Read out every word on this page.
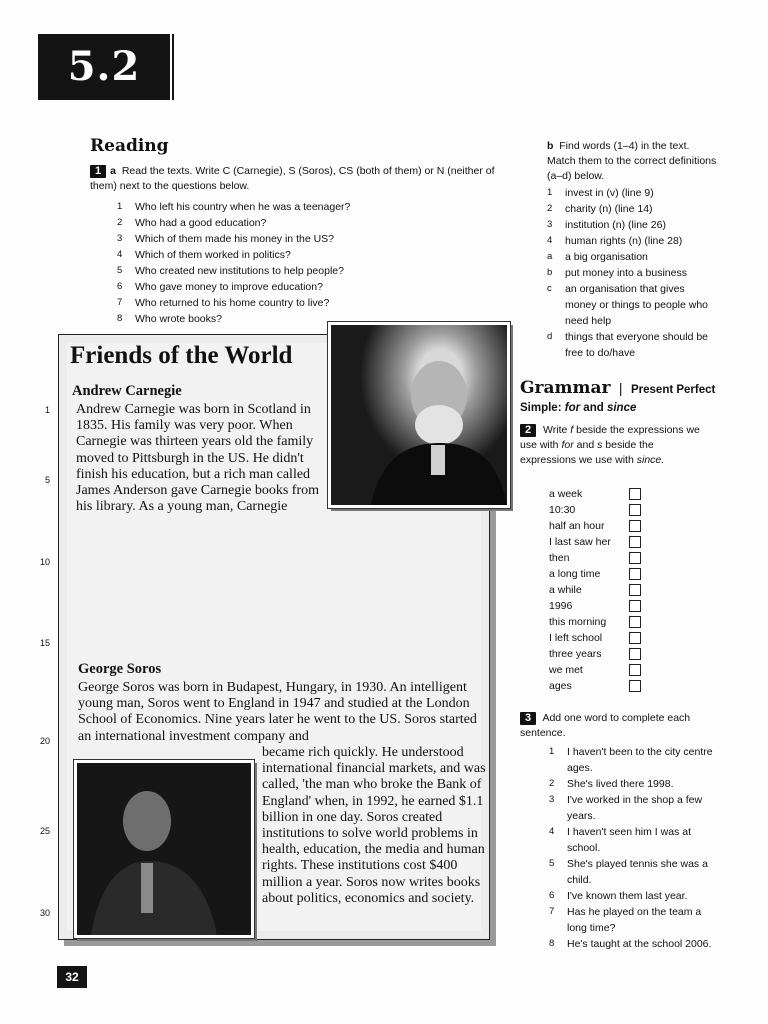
5.2
Reading
1 a Read the texts. Write C (Carnegie), S (Soros), CS (both of them) or N (neither of them) next to the questions below.
1	Who left his country when he was a teenager?
2	Who had a good education?
3	Which of them made his money in the US?
4	Which of them worked in politics?
5	Who created new institutions to help people?
6	Who gave money to improve education?
7	Who returned to his home country to live?
8	Who wrote books?
Friends of the World
Andrew Carnegie

Andrew Carnegie was born in Scotland in 1835. His family was very poor. When Carnegie was thirteen years old the family moved to Pittsburgh in the US. He didn't finish his education, but a rich man called James Anderson gave Carnegie books from his library. As a young man, Carnegie

George Soros

George Soros was born in Budapest, Hungary, in 1930. An intelligent young man, Soros went to England in 1947 and studied at the London School of Economics. Nine years later he went to the US. Soros started an international investment company and

became rich quickly. He understood international financial markets, and was called, 'the man who broke the Bank of England' when, in 1992, he earned $1.1 billion in one day. Soros created institutions to solve world problems in health, education, the media and human rights. These institutions cost $400 million a year. Soros now writes books about politics, economics and society.

1
5
10
15
20
25
30
b Find words (1–4) in the text. Match them to the correct definitions (a–d) below.
1	invest in (v) (line 9)
2	charity (n) (line 14)
3	institution (n) (line 26)
4	human rights (n) (line 28)
a	a big organisation
b	put money into a business
c	an organisation that gives money or things to people who need help
d	things that everyone should be free to do/have
Grammar | Present Perfect Simple: for and since
2 Write f beside the expressions we use with for and s beside the expressions we use with since.
a week
10:30
half an hour
I last saw her
then
a long time
a while
1996
this morning
I left school
three years
we met
ages
3 Add one word to complete each sentence.
1	I haven't been to the city centre ages.
2	She's lived there 1998.
3	I've worked in the shop a few years.
4	I haven't seen him I was at school.
5	She's played tennis she was a child.
6	I've known them last year.
7	Has he played on the team a long time?
8	He's taught at the school 2006.
32
